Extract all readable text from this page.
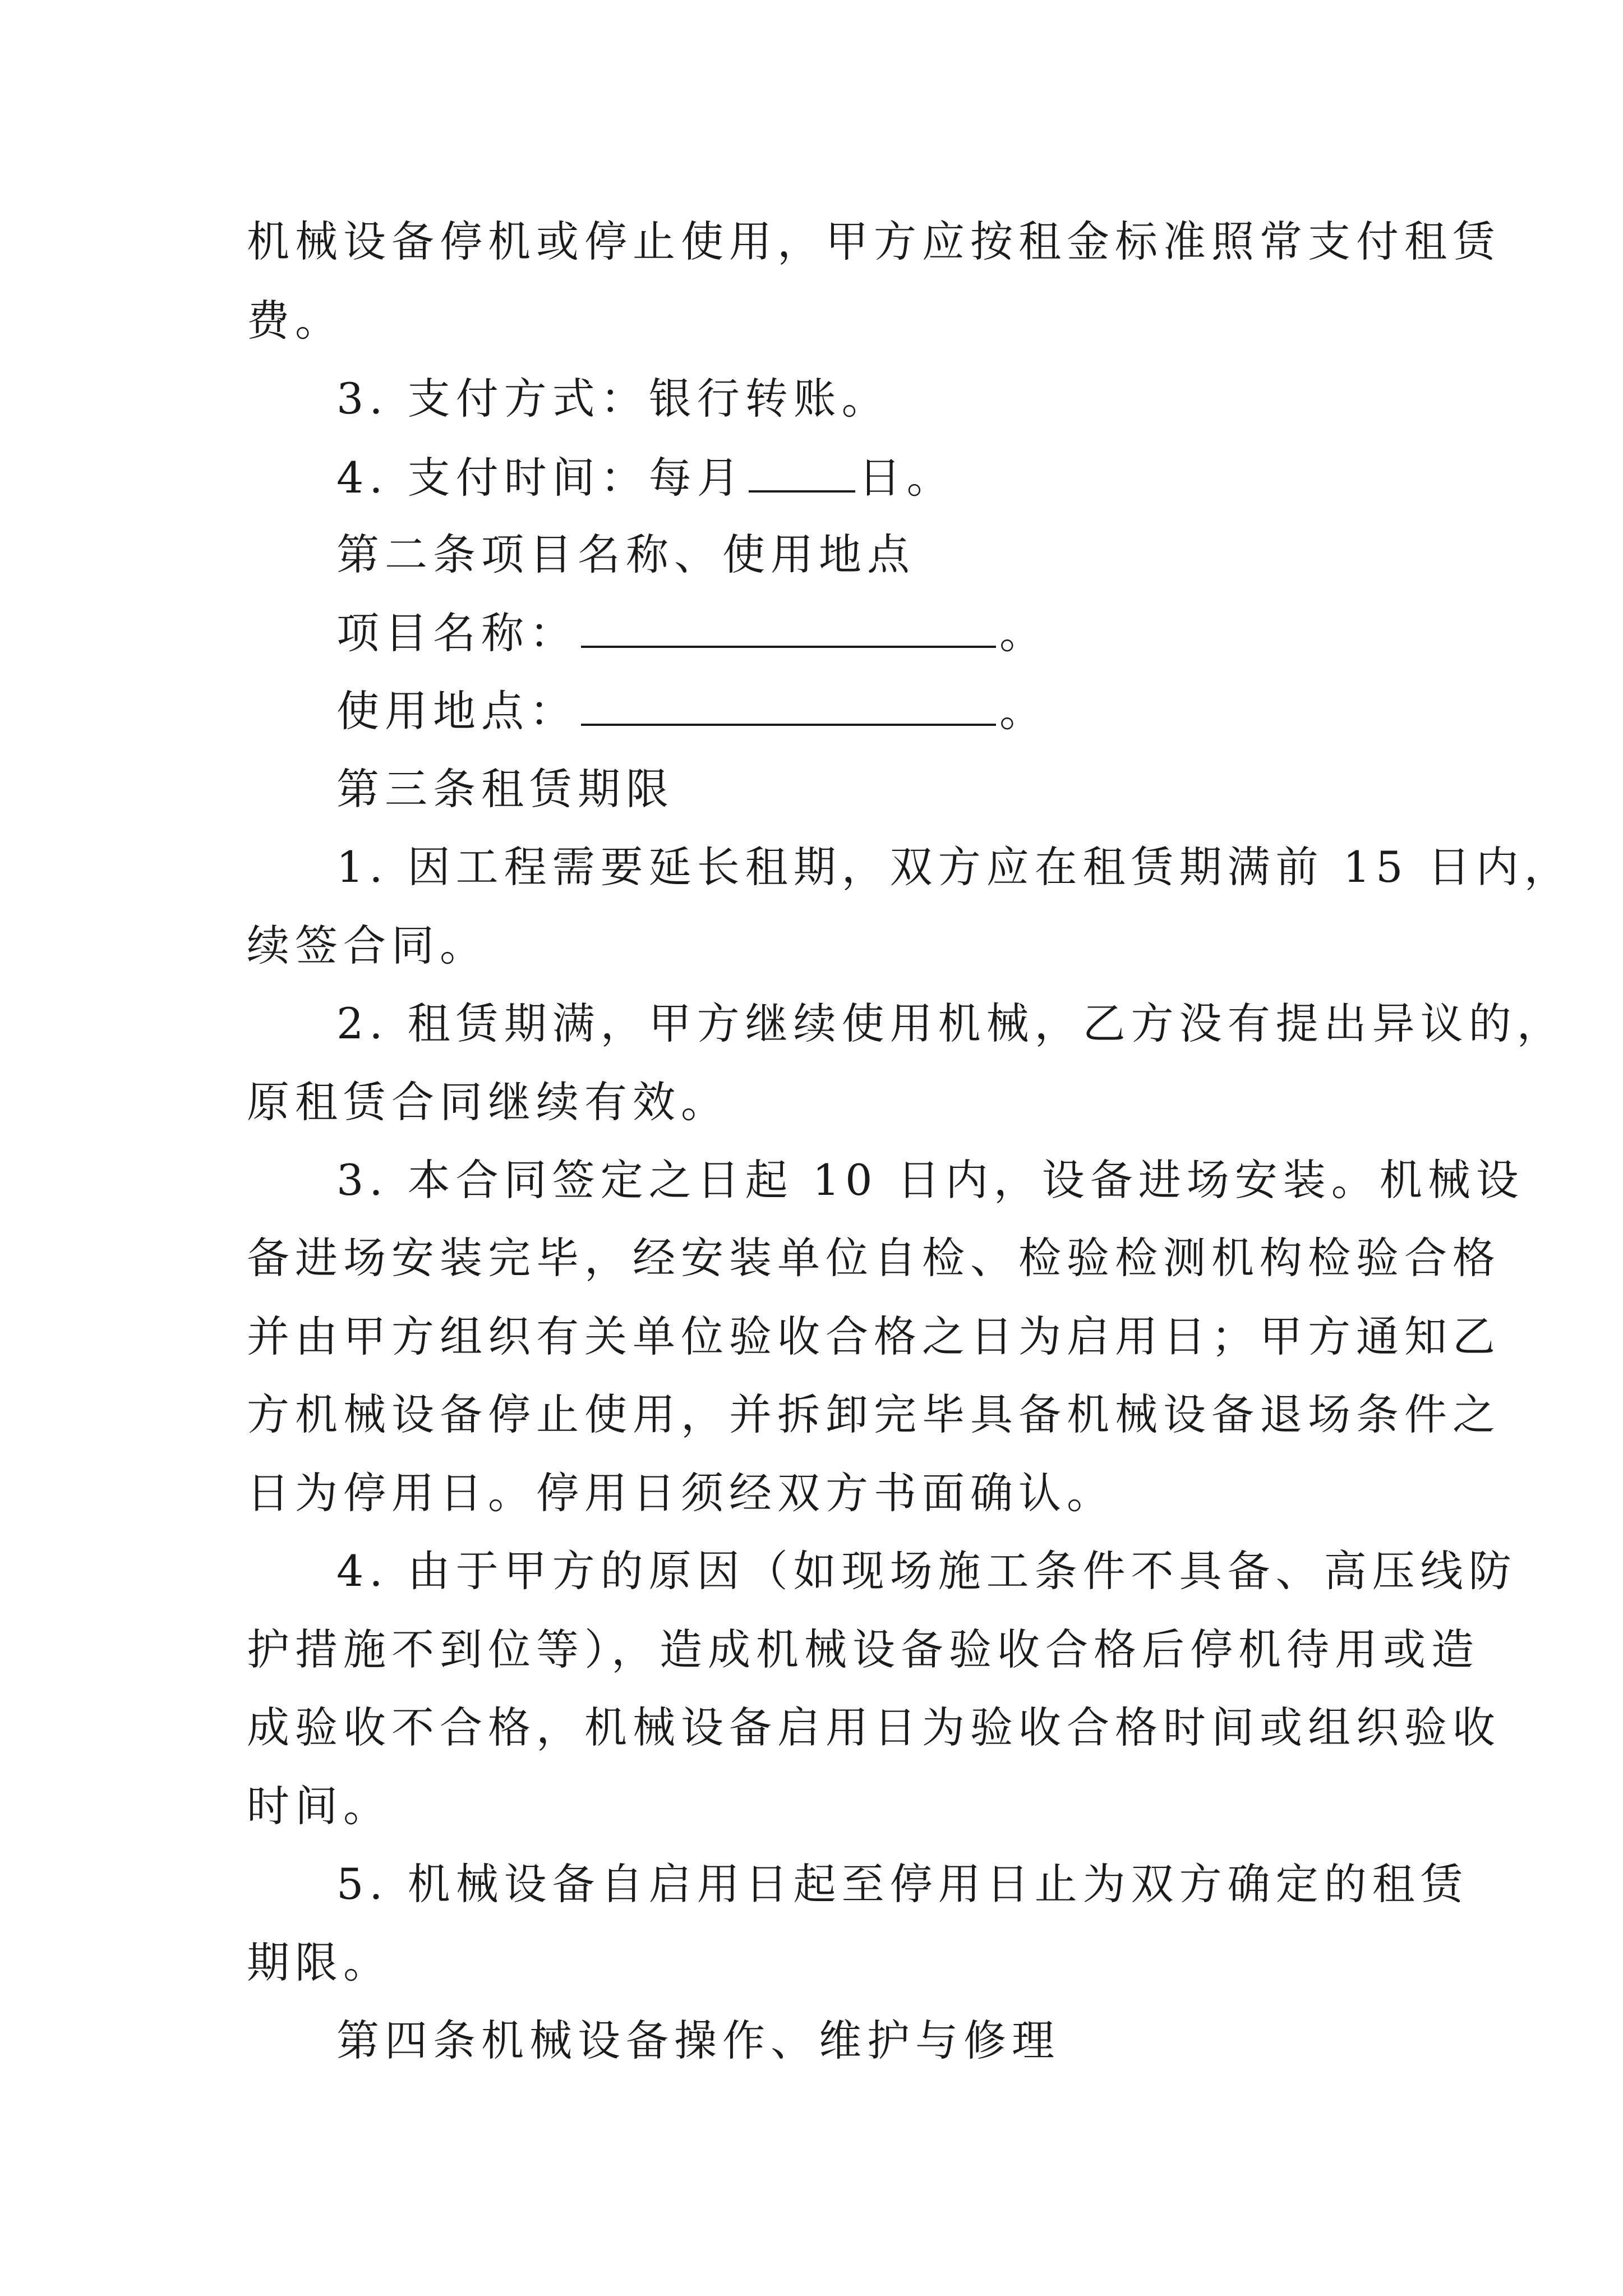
机械设备停机或停止使用，甲方应按租金标准照常支付租赁
费。
3. 支付方式：银行转账。
4. 支付时间：每月	日。
第二条项目名称、使用地点
项目名称：	。
使用地点：	。
第三条租赁期限
1. 因工程需要延长租期，双方应在租赁期满前 15 日内，
续签合同。
2. 租赁期满，甲方继续使用机械，乙方没有提出异议的，
原租赁合同继续有效。
3. 本合同签定之日起 10 日内，设备进场安装。机械设
备进场安装完毕，经安装单位自检、检验检测机构检验合格
并由甲方组织有关单位验收合格之日为启用日；甲方通知乙
方机械设备停止使用，并拆卸完毕具备机械设备退场条件之
日为停用日。停用日须经双方书面确认。
4. 由于甲方的原因（如现场施工条件不具备、高压线防
护措施不到位等），造成机械设备验收合格后停机待用或造
成验收不合格，机械设备启用日为验收合格时间或组织验收
时间。
5. 机械设备自启用日起至停用日止为双方确定的租赁
期限。
第四条机械设备操作、维护与修理
